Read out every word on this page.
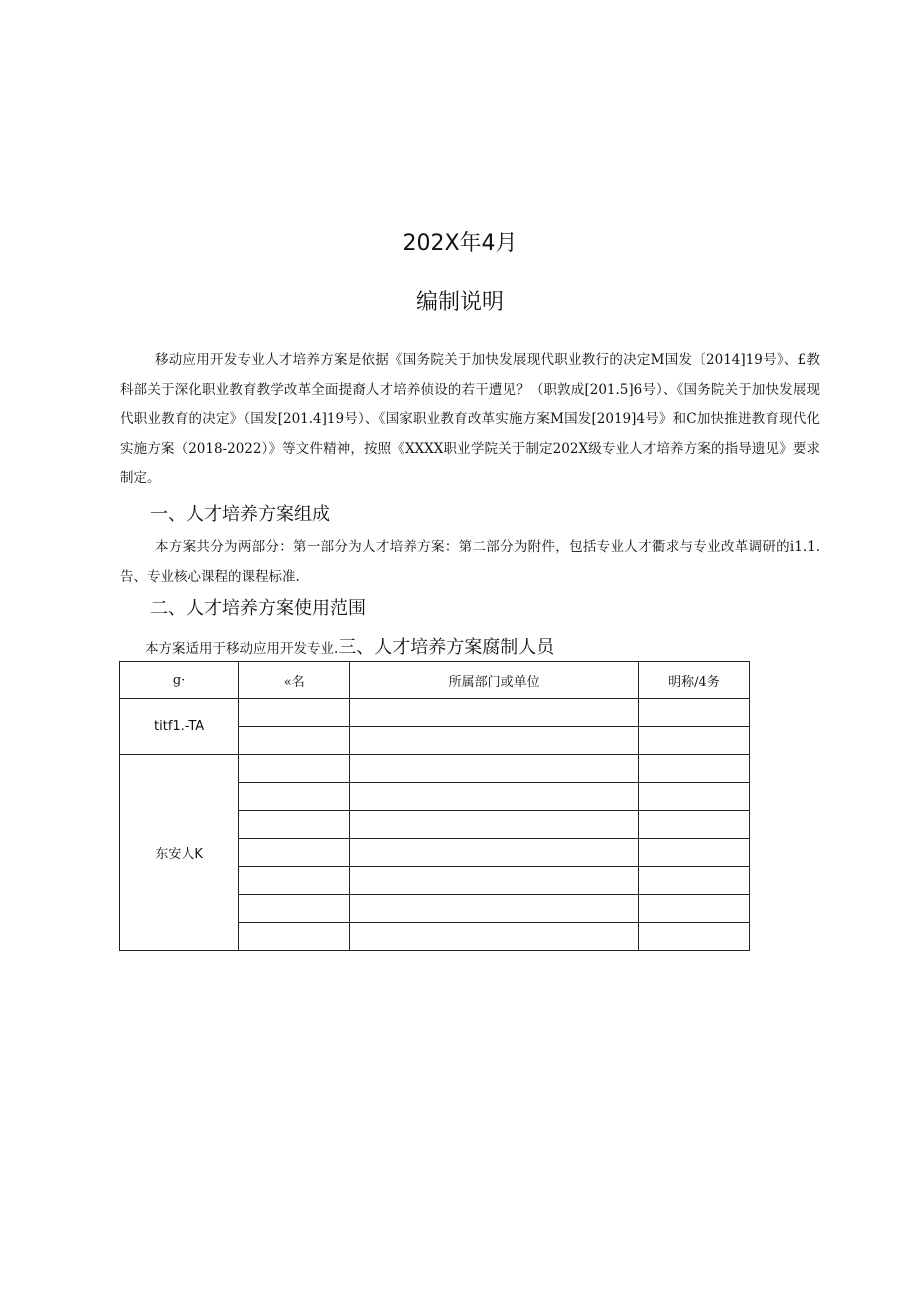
202X年4月
编制说明

移动应用开发专业人才培养方案是依据《国务院关于加快发展现代职业教行的决定M国发〔2014]19号》、£教科部关于深化职业教育教学改革全面提裔人才培养侦设的若干遭见？（职敦成[201.5]6号）、《国务院关于加快发展现代职业教育的决定》（国发[201.4]19号）、《国家职业教育改革实施方案M国发[2019]4号》和C加快推进教育现代化实施方案（2018-2022）》等文件精神，按照《XXXX职业学院关于制定202X级专业人才培养方案的指导遗见》要求制定。

一、人才培养方案组成

本方案共分为两部分：第一部分为人才培养方案：第二部分为附件，包括专业人才衢求与专业改革调研的i1.1.告、专业核心课程的课程标准.

二、人才培养方案使用范围
本方案适用于移动应用开发专业.三、人才培养方案腐制人员
g·	«名	所属部门或单位	明称/4务
titf1.-TA			

东安人K			
